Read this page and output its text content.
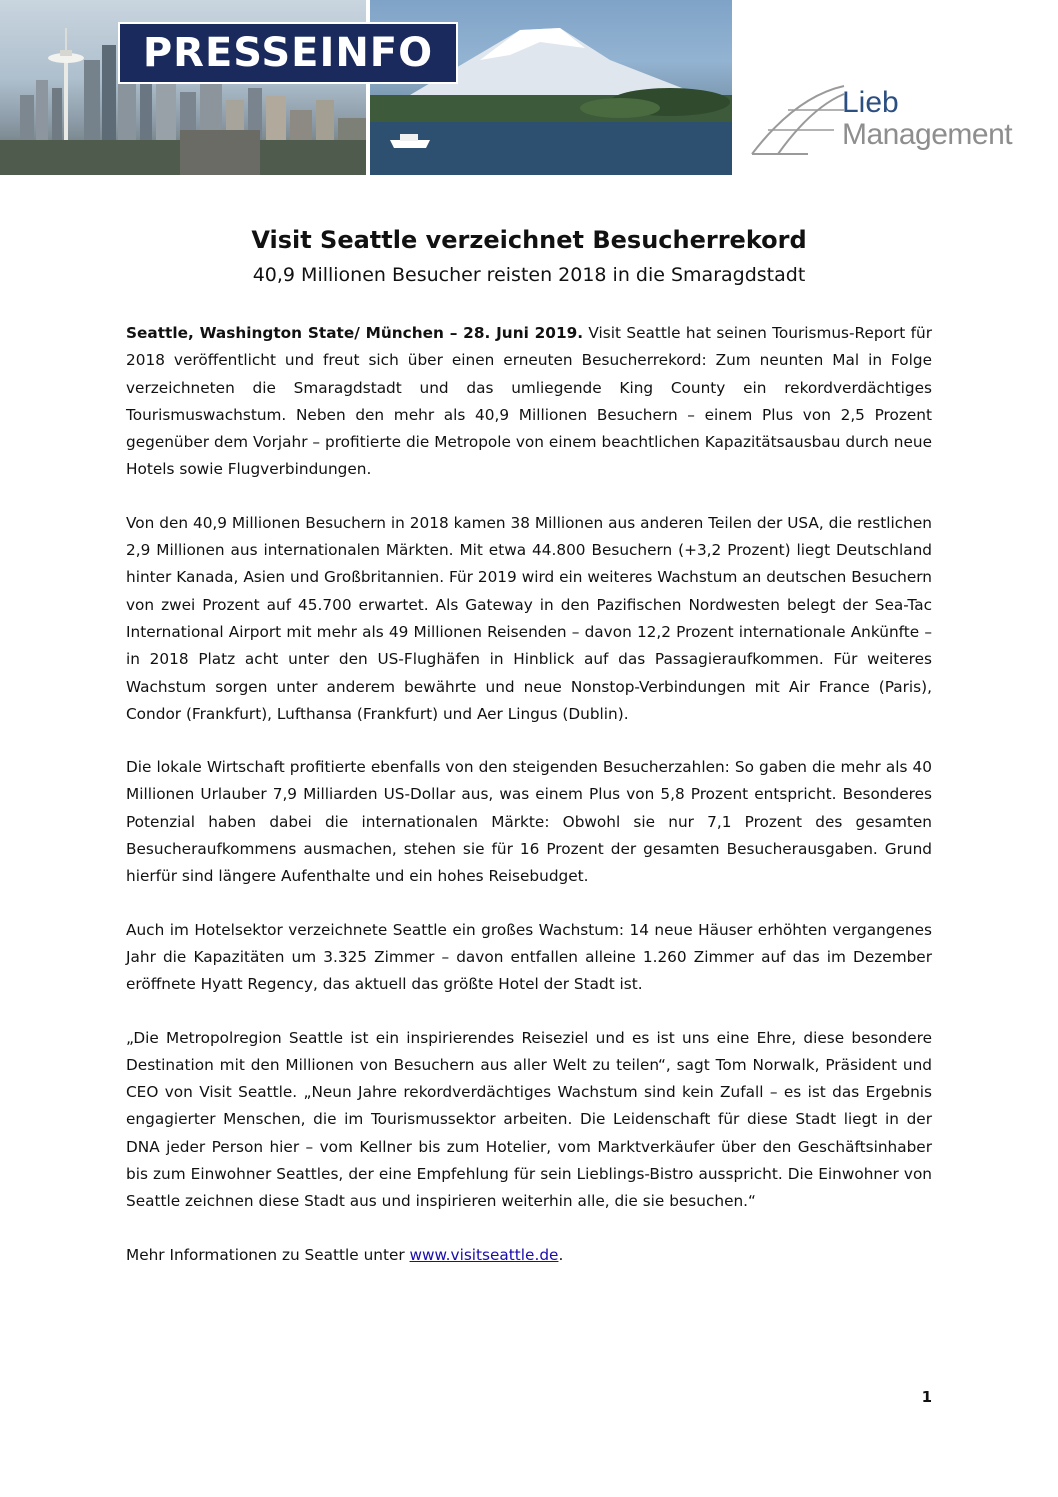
PRESSEINFO
Lieb
Management
Visit Seattle verzeichnet Besucherrekord
40,9 Millionen Besucher reisten 2018 in die Smaragdstadt

Seattle, Washington State/ München – 28. Juni 2019. Visit Seattle hat seinen Tourismus-Report für 2018 veröffentlicht und freut sich über einen erneuten Besucherrekord: Zum neunten Mal in Folge verzeichneten die Smaragdstadt und das umliegende King County ein rekordverdächtiges Tourismuswachstum. Neben den mehr als 40,9 Millionen Besuchern – einem Plus von 2,5 Prozent gegenüber dem Vorjahr – profitierte die Metropole von einem beachtlichen Kapazitätsausbau durch neue Hotels sowie Flugverbindungen.

Von den 40,9 Millionen Besuchern in 2018 kamen 38 Millionen aus anderen Teilen der USA, die restlichen 2,9 Millionen aus internationalen Märkten. Mit etwa 44.800 Besuchern (+3,2 Prozent) liegt Deutschland hinter Kanada, Asien und Großbritannien. Für 2019 wird ein weiteres Wachstum an deutschen Besuchern von zwei Prozent auf 45.700 erwartet. Als Gateway in den Pazifischen Nordwesten belegt der Sea-Tac International Airport mit mehr als 49 Millionen Reisenden – davon 12,2 Prozent internationale Ankünfte – in 2018 Platz acht unter den US-Flughäfen in Hinblick auf das Passagieraufkommen. Für weiteres Wachstum sorgen unter anderem bewährte und neue Nonstop-Verbindungen mit Air France (Paris), Condor (Frankfurt), Lufthansa (Frankfurt) und Aer Lingus (Dublin).

Die lokale Wirtschaft profitierte ebenfalls von den steigenden Besucherzahlen: So gaben die mehr als 40 Millionen Urlauber 7,9 Milliarden US-Dollar aus, was einem Plus von 5,8 Prozent entspricht. Besonderes Potenzial haben dabei die internationalen Märkte: Obwohl sie nur 7,1 Prozent des gesamten Besucheraufkommens ausmachen, stehen sie für 16 Prozent der gesamten Besucherausgaben. Grund hierfür sind längere Aufenthalte und ein hohes Reisebudget.

Auch im Hotelsektor verzeichnete Seattle ein großes Wachstum: 14 neue Häuser erhöhten vergangenes Jahr die Kapazitäten um 3.325 Zimmer – davon entfallen alleine 1.260 Zimmer auf das im Dezember eröffnete Hyatt Regency, das aktuell das größte Hotel der Stadt ist.

„Die Metropolregion Seattle ist ein inspirierendes Reiseziel und es ist uns eine Ehre, diese besondere Destination mit den Millionen von Besuchern aus aller Welt zu teilen“, sagt Tom Norwalk, Präsident und CEO von Visit Seattle. „Neun Jahre rekordverdächtiges Wachstum sind kein Zufall – es ist das Ergebnis engagierter Menschen, die im Tourismussektor arbeiten. Die Leidenschaft für diese Stadt liegt in der DNA jeder Person hier – vom Kellner bis zum Hotelier, vom Marktverkäufer über den Geschäftsinhaber bis zum Einwohner Seattles, der eine Empfehlung für sein Lieblings-Bistro ausspricht. Die Einwohner von Seattle zeichnen diese Stadt aus und inspirieren weiterhin alle, die sie besuchen.“

Mehr Informationen zu Seattle unter www.visitseattle.de.

1
